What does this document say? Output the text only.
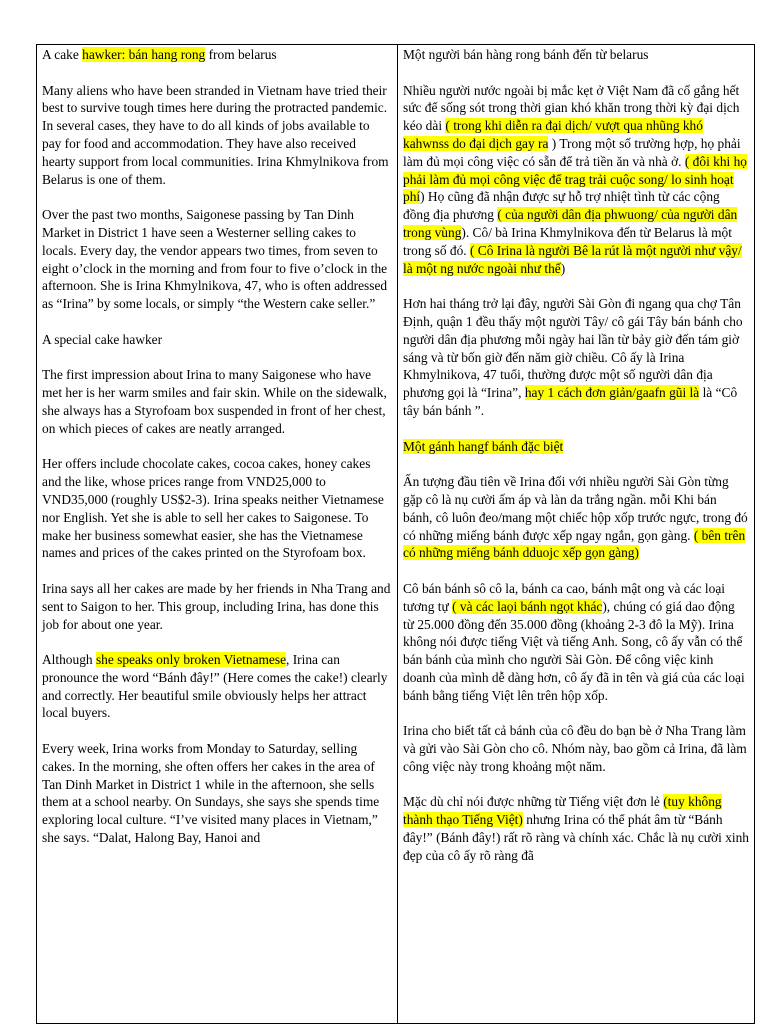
A cake hawker: bán hang rong from belarus

Many aliens who have been stranded in Vietnam have tried their best to survive tough times here during the protracted pandemic. In several cases, they have to do all kinds of jobs available to pay for food and accommodation. They have also received hearty support from local communities. Irina Khmylnikova from Belarus is one of them.

Over the past two months, Saigonese passing by Tan Dinh Market in District 1 have seen a Westerner selling cakes to locals. Every day, the vendor appears two times, from seven to eight o’clock in the morning and from four to five o’clock in the afternoon. She is Irina Khmylnikova, 47, who is often addressed as “Irina” by some locals, or simply “the Western cake seller.”

A special cake hawker

The first impression about Irina to many Saigonese who have met her is her warm smiles and fair skin. While on the sidewalk, she always has a Styrofoam box suspended in front of her chest, on which pieces of cakes are neatly arranged.

Her offers include chocolate cakes, cocoa cakes, honey cakes and the like, whose prices range from VND25,000 to VND35,000 (roughly US$2-3). Irina speaks neither Vietnamese nor English. Yet she is able to sell her cakes to Saigonese. To make her business somewhat easier, she has the Vietnamese names and prices of the cakes printed on the Styrofoam box.

Irina says all her cakes are made by her friends in Nha Trang and sent to Saigon to her. This group, including Irina, has done this job for about one year.

Although she speaks only broken Vietnamese, Irina can pronounce the word “Bánh đây!” (Here comes the cake!) clearly and correctly. Her beautiful smile obviously helps her attract local buyers.

Every week, Irina works from Monday to Saturday, selling cakes. In the morning, she often offers her cakes in the area of Tan Dinh Market in District 1 while in the afternoon, she sells them at a school nearby. On Sundays, she says she spends time exploring local culture. “I’ve visited many places in Vietnam,” she says. “Dalat, Halong Bay, Hanoi and

Một người bán hàng rong bánh đến từ belarus

Nhiều người nước ngoài bị mắc kẹt ở Việt Nam đã cố gắng hết sức để sống sót trong thời gian khó khăn trong thời kỳ đại dịch kéo dài ( trong khi diễn ra đại dịch/ vượt qua nhũng khó kahwnss do đại dịch gay ra ) Trong một số trường hợp, họ phải làm đủ mọi công việc có sẵn để trả tiền ăn và nhà ở. ( đôi khi họ phải làm đủ mọi công việc để trag trải cuộc song/ lo sinh hoạt phí) Họ cũng đã nhận được sự hỗ trợ nhiệt tình từ các cộng đồng địa phương ( của người dân địa phwuong/ của người dân trong vùng). Cô/ bà Irina Khmylnikova đến từ Belarus là một trong số đó. ( Cô Irina là người Bê la rút là một người như vậy/ là một ng nước ngoài như thế)

Hơn hai tháng trở lại đây, người Sài Gòn đi ngang qua chợ Tân Định, quận 1 đều thấy một người Tây/ cô gái Tây bán bánh cho người dân địa phương mỗi ngày hai lần từ bảy giờ đến tám giờ sáng và từ bốn giờ đến năm giờ chiều. Cô ấy là Irina Khmylnikova, 47 tuổi, thường được một số người dân địa phương gọi là “Irina”, hay 1 cách đơn giản/gaafn gũi là là “Cô tây bán bánh ”.

Một gánh hangf bánh đặc biệt

Ấn tượng đầu tiên về Irina đối với nhiều người Sài Gòn từng gặp cô là nụ cười ấm áp và làn da trắng ngần. mỗi Khi bán bánh, cô luôn đeo/mang một chiếc hộp xốp trước ngực, trong đó có những miếng bánh được xếp ngay ngắn, gọn gàng. ( bên trên có những miếng bánh dduojc xếp gọn gàng)

Cô bán bánh sô cô la, bánh ca cao, bánh mật ong và các loại tương tự ( và các laọi bánh ngọt khác), chúng có giá dao động từ 25.000 đồng đến 35.000 đồng (khoảng 2-3 đô la Mỹ). Irina không nói được tiếng Việt và tiếng Anh. Song, cô ấy vẫn có thể bán bánh của mình cho người Sài Gòn. Để công việc kinh doanh của mình dễ dàng hơn, cô ấy đã in tên và giá của các loại bánh bằng tiếng Việt lên trên hộp xốp.

Irina cho biết tất cả bánh của cô đều do bạn bè ở Nha Trang làm và gửi vào Sài Gòn cho cô. Nhóm này, bao gồm cả Irina, đã làm công việc này trong khoảng một năm.

Mặc dù chỉ nói được những từ Tiếng việt đơn lẻ (tuy không thành thạo Tiếng Việt) nhưng Irina có thể phát âm từ “Bánh đây!” (Bánh đây!) rất rõ ràng và chính xác. Chắc là nụ cười xinh đẹp của cô ấy rõ ràng đã
